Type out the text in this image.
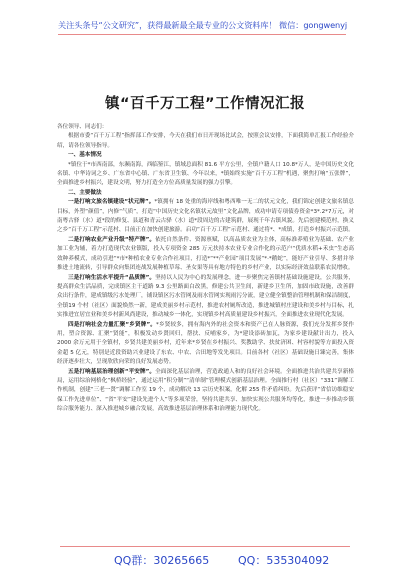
关注头条号“公文研究”，获得最新最全最专业的公文资料库！ 微信：gongwenyj
镇“百千万工程”工作情况汇报

各位领导、同志们：

根据市委“百千万工程”指挥部工作安排，今天在我们市日开现场比试会，按照会议安排，下面我简单汇报工作经验介绍，请各位领导指导。

一、基本情况

*镇位于*市西南部，东濒南海，西临鉴江，镇域总面积 81.6 平方公里，全镇户籍人口 10.8*万人，是中国历史文化名镇、中华诗词之乡、广东省中心镇、广东省卫生镇、今年以来，*镇始终实施“百千万工程”机遇，聚焦打响“五张牌”，全面推进乡村振兴，建设文明，努力打造全方位高质量发展的强力引擎。

二、主要做法

一是打响文旅名镇建设“状元牌”。*镇拥有 18 处重的海岸线和粤西唯一无二的状元文化，我们锦定创建文旅名镇总目标，外塑“颜值”，内修“气质”，打造“中国历史文化名镇状元故里”文化品牌，成功申请专项债券资金*3*.2*7万元，对南粤古驿（水）道*段的修复、县道和青云古驿（水）道*段周边的古建筑群，展现千年古镇风貌。先后创建模范村，换义之乡“百千万工程”示范村、目前正在加快创建旅游。启功“百千万工程”示范村、通过将*、*成镇，打造乡村振兴示范镇。

二是打响农业产业升级“特产牌”。依托自然条件、资源禀赋，以高品质农业为主体，高标准养殖业为基础、农产业加工业为辅，着力打造现代农业镇版，投入专项资金 285 万元扶持本农业专业合作化的示范户“优质水稻+禾虫”生态高效种养模式，成功引进“*市*种植农业专业合作社项目，打造*“**产业园”项目发展“*·*鹅蛇”，能好产业引导、多措并举推进土地流转，引导群众向集团连战发展种植草莓、圣女果等具有地方特色的乡村产业，以实际经济效益联系农民增收。

三是打响生活水平提升“品质牌”。坚持以人民为中心的发展理念，进一步聚焦完善镇村基础设施建设，公共服务，提高群众生活品质，完成镇区主干道路 9.3 公里路面白改黑，修建公共卫生间，新建乡卫生所，加固市政设施，改善群众出行条件，建成镇级污水处理厂，铺设镇区污水管网及雨水管网实现雨污分流，建立健全镇整治管理机制和保洁制度，全镇19 个村（社区）面貌焕然一新，建成美丽乡村示范村，推进农村厕所改造，推进城镇村庄建设和美乡村与目标，扎实推进宜居宜业和美乡村新风尚建设，推动城乡一体化，实现镇乡村高质量建设乡村振兴，全面推进农业现代化发展。

四是打响社会力量汇聚“乡贤牌”。*乡贤较多，拥有海内外的社会资本和资产已在人脉资源，我们充分发挥乡贤作用，塑合资源、汇聚“贤能”，积极发动乡贤回归，帮扶、反哺家乡，为*建设添砖加瓦，为家乡建设献计出力，投入 2000 余万元用于全镇村，乡贤共建美丽乡村，近年来*乡贤在乡村振兴、奖教助学、扶贫济困、村容村貌等方面投入资金超 5 亿元，特别是近段资助兴业建设了东农、中农、合田地等发先项目。目前各村（社区）基础设施日臻完善，集体经济逐步壮大，呈现欣欣向荣的良好发展态势。

五是打响基层治理创新“平安牌”。全面深化基层治理，营造政通人和的良好社会环境。全面推进共治共建共享新格局，运用综治网格化“枫桥经验”，通过运用“积分制”“清单制”管理模式创新基层治理。全面推行村（社区）“331”调解工作机制，创建“三老一贤”调解工作室 19 个，成功解决 13 宗历史积案，化解 255 件矛盾纠纷。先后获评“省信访维稳安保工作先进单位”、“省“平安”建设先进个人”等多项荣誉，坚持共建共享、加快实现公共服务均等化，推进一步推动乡镇综合服务能力、深入推进城乡融合发展，高效推进基层治理体系和治理能力现代化。

QQ群：30265665	QQ：535304092
